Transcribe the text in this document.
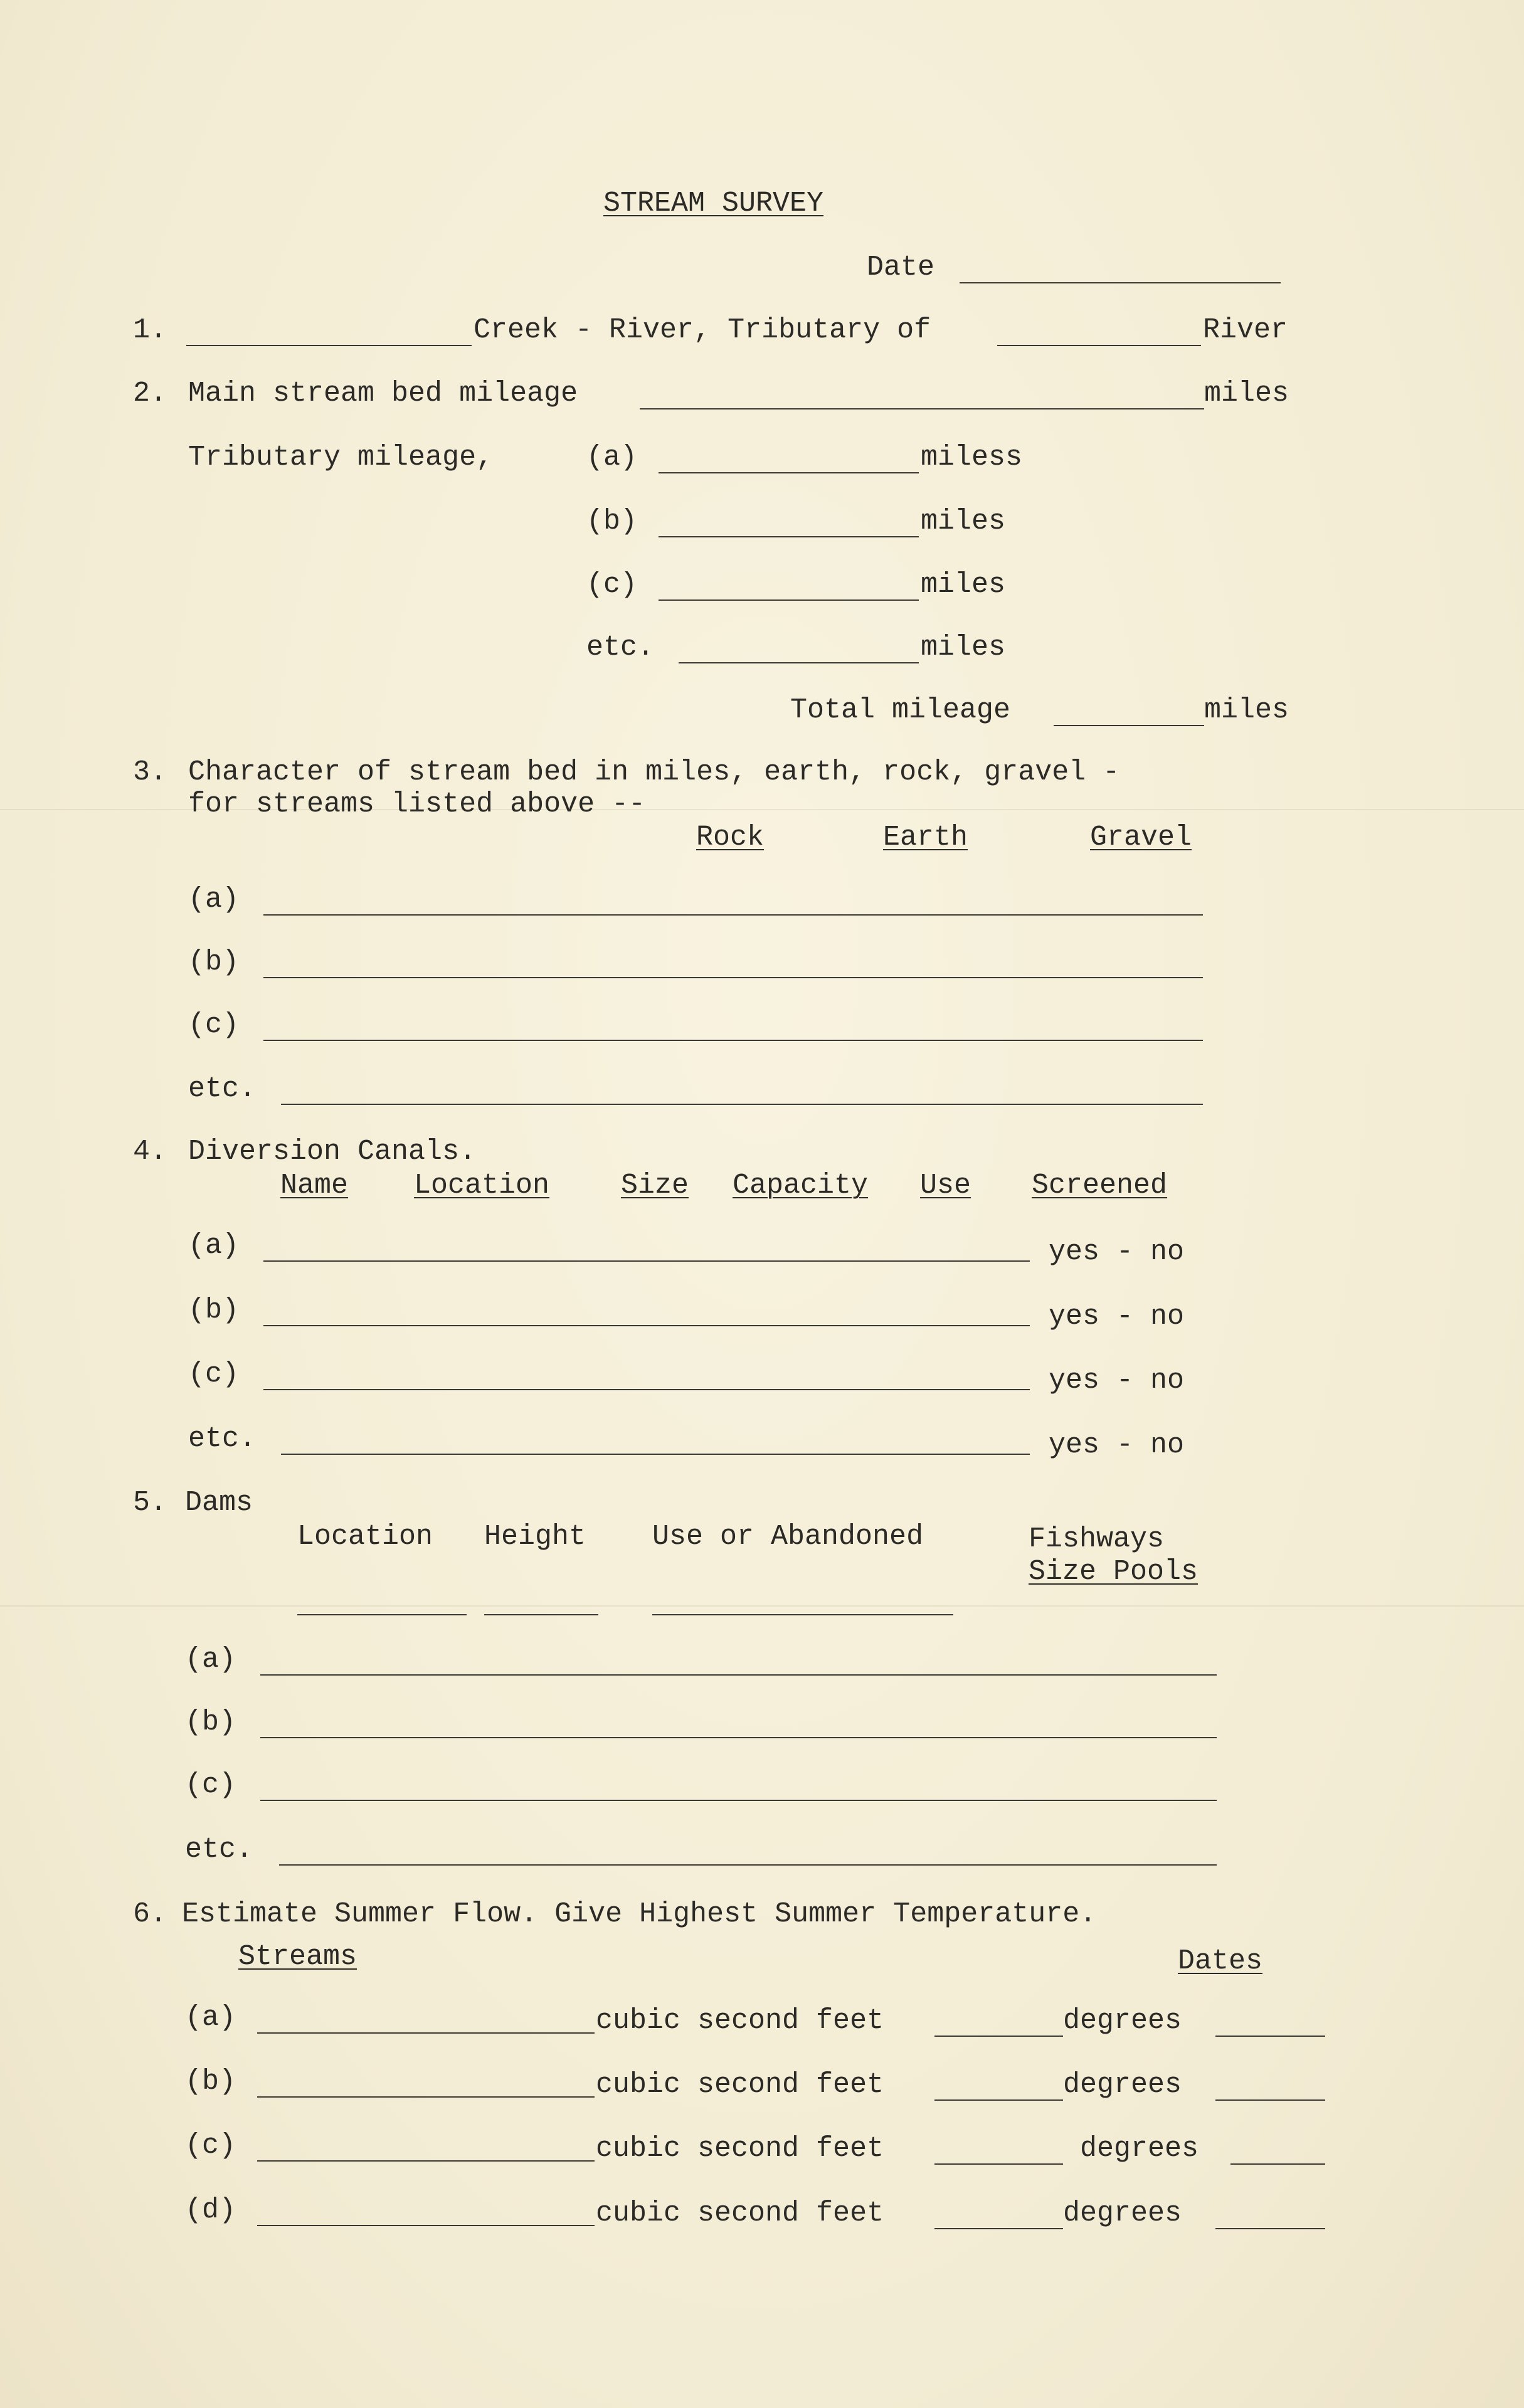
STREAM SURVEY
Date
1.	Creek - River, Tributary of	River
2. Main stream bed mileage	miles
Tributary mileage,	(a)	miless
(b)	miles
(c)	miles
etc.	miles
Total mileage	miles
3. Character of stream bed in miles, earth, rock, gravel -
for streams listed above --
Rock	Earth	Gravel
(a)
(b)
(c)
etc.
4. Diversion Canals.
Name Location	Size Capacity Use Screened
(a)	yes - no
(b)	yes - no
(c)	yes - no
etc.	yes - no
5. Dams
Location Height Use or Abandoned	Fishways
Size Pools
(a)
(b)
(c)
etc.
6. Estimate Summer Flow. Give Highest Summer Temperature.
Streams	Dates
(a)	cubic second feet	degrees
(b)	cubic second feet	degrees
(c)	cubic second feet	degrees
(d)	cubic second feet	degrees
